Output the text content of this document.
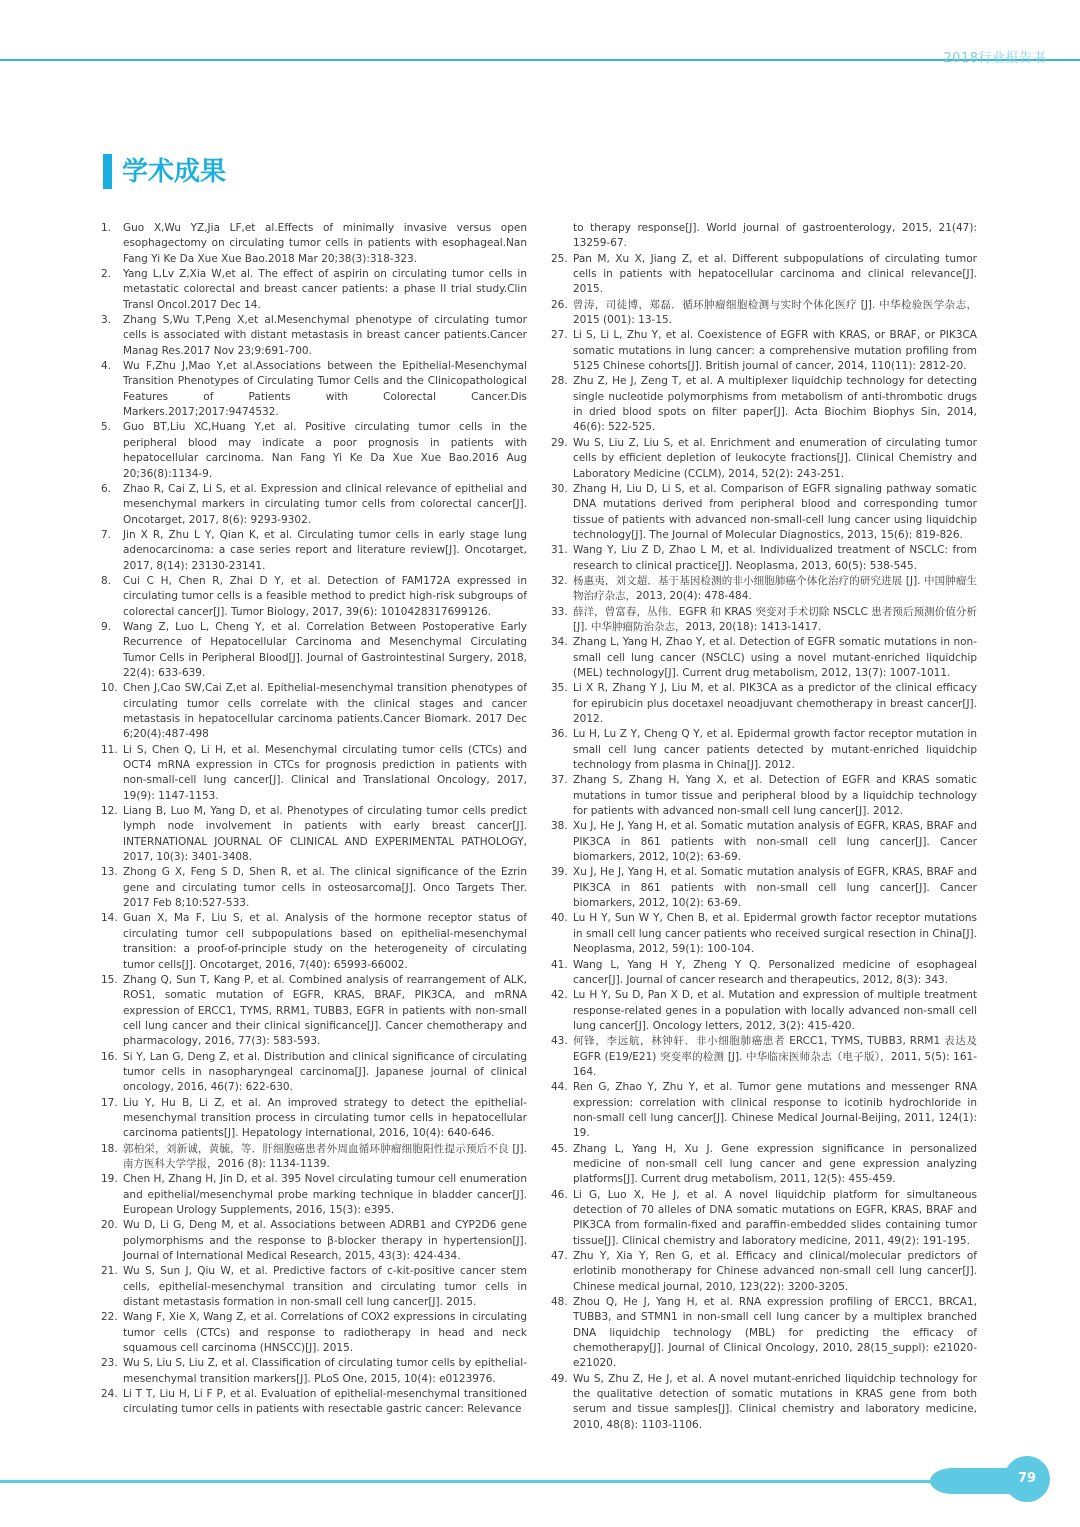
2018行业报告书
学术成果
1.	Guo X,Wu YZ,Jia LF,et al.Effects of minimally invasive versus open esophagectomy on circulating tumor cells in patients with esophageal.Nan Fang Yi Ke Da Xue Xue Bao.2018 Mar 20;38(3):318-323.
2.	Yang L,Lv Z,Xia W,et al. The effect of aspirin on circulating tumor cells in metastatic colorectal and breast cancer patients: a phase II trial study.Clin Transl Oncol.2017 Dec 14.
3.	Zhang S,Wu T,Peng X,et al.Mesenchymal phenotype of circulating tumor cells is associated with distant metastasis in breast cancer patients.Cancer Manag Res.2017 Nov 23;9:691-700.
4.	Wu F,Zhu J,Mao Y,et al.Associations between the Epithelial-Mesenchymal Transition Phenotypes of Circulating Tumor Cells and the Clinicopathological Features of Patients with Colorectal Cancer.Dis Markers.2017;2017:9474532.
5.	Guo BT,Liu XC,Huang Y,et al. Positive circulating tumor cells in the peripheral blood may indicate a poor prognosis in patients with hepatocellular carcinoma. Nan Fang Yi Ke Da Xue Xue Bao.2016 Aug 20;36(8):1134-9.
6.	Zhao R, Cai Z, Li S, et al. Expression and clinical relevance of epithelial and mesenchymal markers in circulating tumor cells from colorectal cancer[J]. Oncotarget, 2017, 8(6): 9293-9302.
7.	Jin X R, Zhu L Y, Qian K, et al. Circulating tumor cells in early stage lung adenocarcinoma: a case series report and literature review[J]. Oncotarget, 2017, 8(14): 23130-23141.
8.	Cui C H, Chen R, Zhai D Y, et al. Detection of FAM172A expressed in circulating tumor cells is a feasible method to predict high-risk subgroups of colorectal cancer[J]. Tumor Biology, 2017, 39(6): 1010428317699126.
9.	Wang Z, Luo L, Cheng Y, et al. Correlation Between Postoperative Early Recurrence of Hepatocellular Carcinoma and Mesenchymal Circulating Tumor Cells in Peripheral Blood[J]. Journal of Gastrointestinal Surgery, 2018, 22(4): 633-639.
10. Chen J,Cao SW,Cai Z,et al. Epithelial-mesenchymal transition phenotypes of circulating tumor cells correlate with the clinical stages and cancer metastasis in hepatocellular carcinoma patients.Cancer Biomark. 2017 Dec 6;20(4):487-498
11. Li S, Chen Q, Li H, et al. Mesenchymal circulating tumor cells (CTCs) and OCT4 mRNA expression in CTCs for prognosis prediction in patients with non-small-cell lung cancer[J]. Clinical and Translational Oncology, 2017, 19(9): 1147-1153.
12. Liang B, Luo M, Yang D, et al. Phenotypes of circulating tumor cells predict lymph node involvement in patients with early breast cancer[J]. INTERNATIONAL JOURNAL OF CLINICAL AND EXPERIMENTAL PATHOLOGY, 2017, 10(3): 3401-3408.
13. Zhong G X, Feng S D, Shen R, et al. The clinical significance of the Ezrin gene and circulating tumor cells in osteosarcoma[J]. Onco Targets Ther. 2017 Feb 8;10:527-533.
14. Guan X, Ma F, Liu S, et al. Analysis of the hormone receptor status of circulating tumor cell subpopulations based on epithelial-mesenchymal transition: a proof-of-principle study on the heterogeneity of circulating tumor cells[J]. Oncotarget, 2016, 7(40): 65993-66002.
15. Zhang Q, Sun T, Kang P, et al. Combined analysis of rearrangement of ALK, ROS1, somatic mutation of EGFR, KRAS, BRAF, PIK3CA, and mRNA expression of ERCC1, TYMS, RRM1, TUBB3, EGFR in patients with non-small cell lung cancer and their clinical significance[J]. Cancer chemotherapy and pharmacology, 2016, 77(3): 583-593.
16. Si Y, Lan G, Deng Z, et al. Distribution and clinical significance of circulating tumor cells in nasopharyngeal carcinoma[J]. Japanese journal of clinical oncology, 2016, 46(7): 622-630.
17. Liu Y, Hu B, Li Z, et al. An improved strategy to detect the epithelial-mesenchymal transition process in circulating tumor cells in hepatocellular carcinoma patients[J]. Hepatology international, 2016, 10(4): 640-646.
18. 郭柏栄，刘新诚，黄毓，等．肝细胞癌患者外周血循环肿瘤细胞阳性提示预后不良 [J]. 南方医科大学学报，2016 (8): 1134-1139.
19. Chen H, Zhang H, Jin D, et al. 395 Novel circulating tumour cell enumeration and epithelial/mesenchymal probe marking technique in bladder cancer[J]. European Urology Supplements, 2016, 15(3): e395.
20. Wu D, Li G, Deng M, et al. Associations between ADRB1 and CYP2D6 gene polymorphisms and the response to β-blocker therapy in hypertension[J]. Journal of International Medical Research, 2015, 43(3): 424-434.
21. Wu S, Sun J, Qiu W, et al. Predictive factors of c-kit-positive cancer stem cells, epithelial-mesenchymal transition and circulating tumor cells in distant metastasis formation in non-small cell lung cancer[J]. 2015.
22. Wang F, Xie X, Wang Z, et al. Correlations of COX2 expressions in circulating tumor cells (CTCs) and response to radiotherapy in head and neck squamous cell carcinoma (HNSCC)[J]. 2015.
23. Wu S, Liu S, Liu Z, et al. Classification of circulating tumor cells by epithelial-mesenchymal transition markers[J]. PLoS One, 2015, 10(4): e0123976.
24. Li T T, Liu H, Li F P, et al. Evaluation of epithelial-mesenchymal transitioned circulating tumor cells in patients with resectable gastric cancer: Relevance
to therapy response[J]. World journal of gastroenterology, 2015, 21(47): 13259-67.
25. Pan M, Xu X, Jiang Z, et al. Different subpopulations of circulating tumor cells in patients with hepatocellular carcinoma and clinical relevance[J]. 2015.
26. 曾涛，司徒博，郑磊．循环肿瘤细胞检测与实时个体化医疗 [J]. 中华检验医学杂志，2015 (001): 13-15.
27. Li S, Li L, Zhu Y, et al. Coexistence of EGFR with KRAS, or BRAF, or PIK3CA somatic mutations in lung cancer: a comprehensive mutation profiling from 5125 Chinese cohorts[J]. British journal of cancer, 2014, 110(11): 2812-20.
28. Zhu Z, He J, Zeng T, et al. A multiplexer liquidchip technology for detecting single nucleotide polymorphisms from metabolism of anti-thrombotic drugs in dried blood spots on filter paper[J]. Acta Biochim Biophys Sin, 2014, 46(6): 522-525.
29. Wu S, Liu Z, Liu S, et al. Enrichment and enumeration of circulating tumor cells by efficient depletion of leukocyte fractions[J]. Clinical Chemistry and Laboratory Medicine (CCLM), 2014, 52(2): 243-251.
30. Zhang H, Liu D, Li S, et al. Comparison of EGFR signaling pathway somatic DNA mutations derived from peripheral blood and corresponding tumor tissue of patients with advanced non-small-cell lung cancer using liquidchip technology[J]. The Journal of Molecular Diagnostics, 2013, 15(6): 819-826.
31. Wang Y, Liu Z D, Zhao L M, et al. Individualized treatment of NSCLC: from research to clinical practice[J]. Neoplasma, 2013, 60(5): 538-545.
32. 杨惠夷，刘文超．基于基因检测的非小细胞肺癌个体化治疗的研究进展 [J]. 中国肿瘤生物治疗杂志，2013, 20(4): 478-484.
33. 薛洋，曾富春，丛伟．EGFR 和 KRAS 突变对手术切除 NSCLC 患者预后预测价值分析 [J]. 中华肿瘤防治杂志，2013, 20(18): 1413-1417.
34. Zhang L, Yang H, Zhao Y, et al. Detection of EGFR somatic mutations in non-small cell lung cancer (NSCLC) using a novel mutant-enriched liquidchip (MEL) technology[J]. Current drug metabolism, 2012, 13(7): 1007-1011.
35. Li X R, Zhang Y J, Liu M, et al. PIK3CA as a predictor of the clinical efficacy for epirubicin plus docetaxel neoadjuvant chemotherapy in breast cancer[J]. 2012.
36. Lu H, Lu Z Y, Cheng Q Y, et al. Epidermal growth factor receptor mutation in small cell lung cancer patients detected by mutant-enriched liquidchip technology from plasma in China[J]. 2012.
37. Zhang S, Zhang H, Yang X, et al. Detection of EGFR and KRAS somatic mutations in tumor tissue and peripheral blood by a liquidchip technology for patients with advanced non-small cell lung cancer[J]. 2012.
38. Xu J, He J, Yang H, et al. Somatic mutation analysis of EGFR, KRAS, BRAF and PIK3CA in 861 patients with non-small cell lung cancer[J]. Cancer biomarkers, 2012, 10(2): 63-69.
39. Xu J, He J, Yang H, et al. Somatic mutation analysis of EGFR, KRAS, BRAF and PIK3CA in 861 patients with non-small cell lung cancer[J]. Cancer biomarkers, 2012, 10(2): 63-69.
40. Lu H Y, Sun W Y, Chen B, et al. Epidermal growth factor receptor mutations in small cell lung cancer patients who received surgical resection in China[J]. Neoplasma, 2012, 59(1): 100-104.
41. Wang L, Yang H Y, Zheng Y Q. Personalized medicine of esophageal cancer[J]. Journal of cancer research and therapeutics, 2012, 8(3): 343.
42. Lu H Y, Su D, Pan X D, et al. Mutation and expression of multiple treatment response-related genes in a population with locally advanced non-small cell lung cancer[J]. Oncology letters, 2012, 3(2): 415-420.
43. 何锋，李远航，林钟轩．非小细胞肺癌患者 ERCC1, TYMS, TUBB3, RRM1 表达及 EGFR (E19/E21) 突变率的检测 [J]. 中华临床医师杂志（电子版），2011, 5(5): 161-164.
44. Ren G, Zhao Y, Zhu Y, et al. Tumor gene mutations and messenger RNA expression: correlation with clinical response to icotinib hydrochloride in non-small cell lung cancer[J]. Chinese Medical Journal-Beijing, 2011, 124(1): 19.
45. Zhang L, Yang H, Xu J. Gene expression significance in personalized medicine of non-small cell lung cancer and gene expression analyzing platforms[J]. Current drug metabolism, 2011, 12(5): 455-459.
46. Li G, Luo X, He J, et al. A novel liquidchip platform for simultaneous detection of 70 alleles of DNA somatic mutations on EGFR, KRAS, BRAF and PIK3CA from formalin-fixed and paraffin-embedded slides containing tumor tissue[J]. Clinical chemistry and laboratory medicine, 2011, 49(2): 191-195.
47. Zhu Y, Xia Y, Ren G, et al. Efficacy and clinical/molecular predictors of erlotinib monotherapy for Chinese advanced non-small cell lung cancer[J]. Chinese medical journal, 2010, 123(22): 3200-3205.
48. Zhou Q, He J, Yang H, et al. RNA expression profiling of ERCC1, BRCA1, TUBB3, and STMN1 in non-small cell lung cancer by a multiplex branched DNA liquidchip technology (MBL) for predicting the efficacy of chemotherapy[J]. Journal of Clinical Oncology, 2010, 28(15_suppl): e21020-e21020.
49. Wu S, Zhu Z, He J, et al. A novel mutant-enriched liquidchip technology for the qualitative detection of somatic mutations in KRAS gene from both serum and tissue samples[J]. Clinical chemistry and laboratory medicine, 2010, 48(8): 1103-1106.
79
